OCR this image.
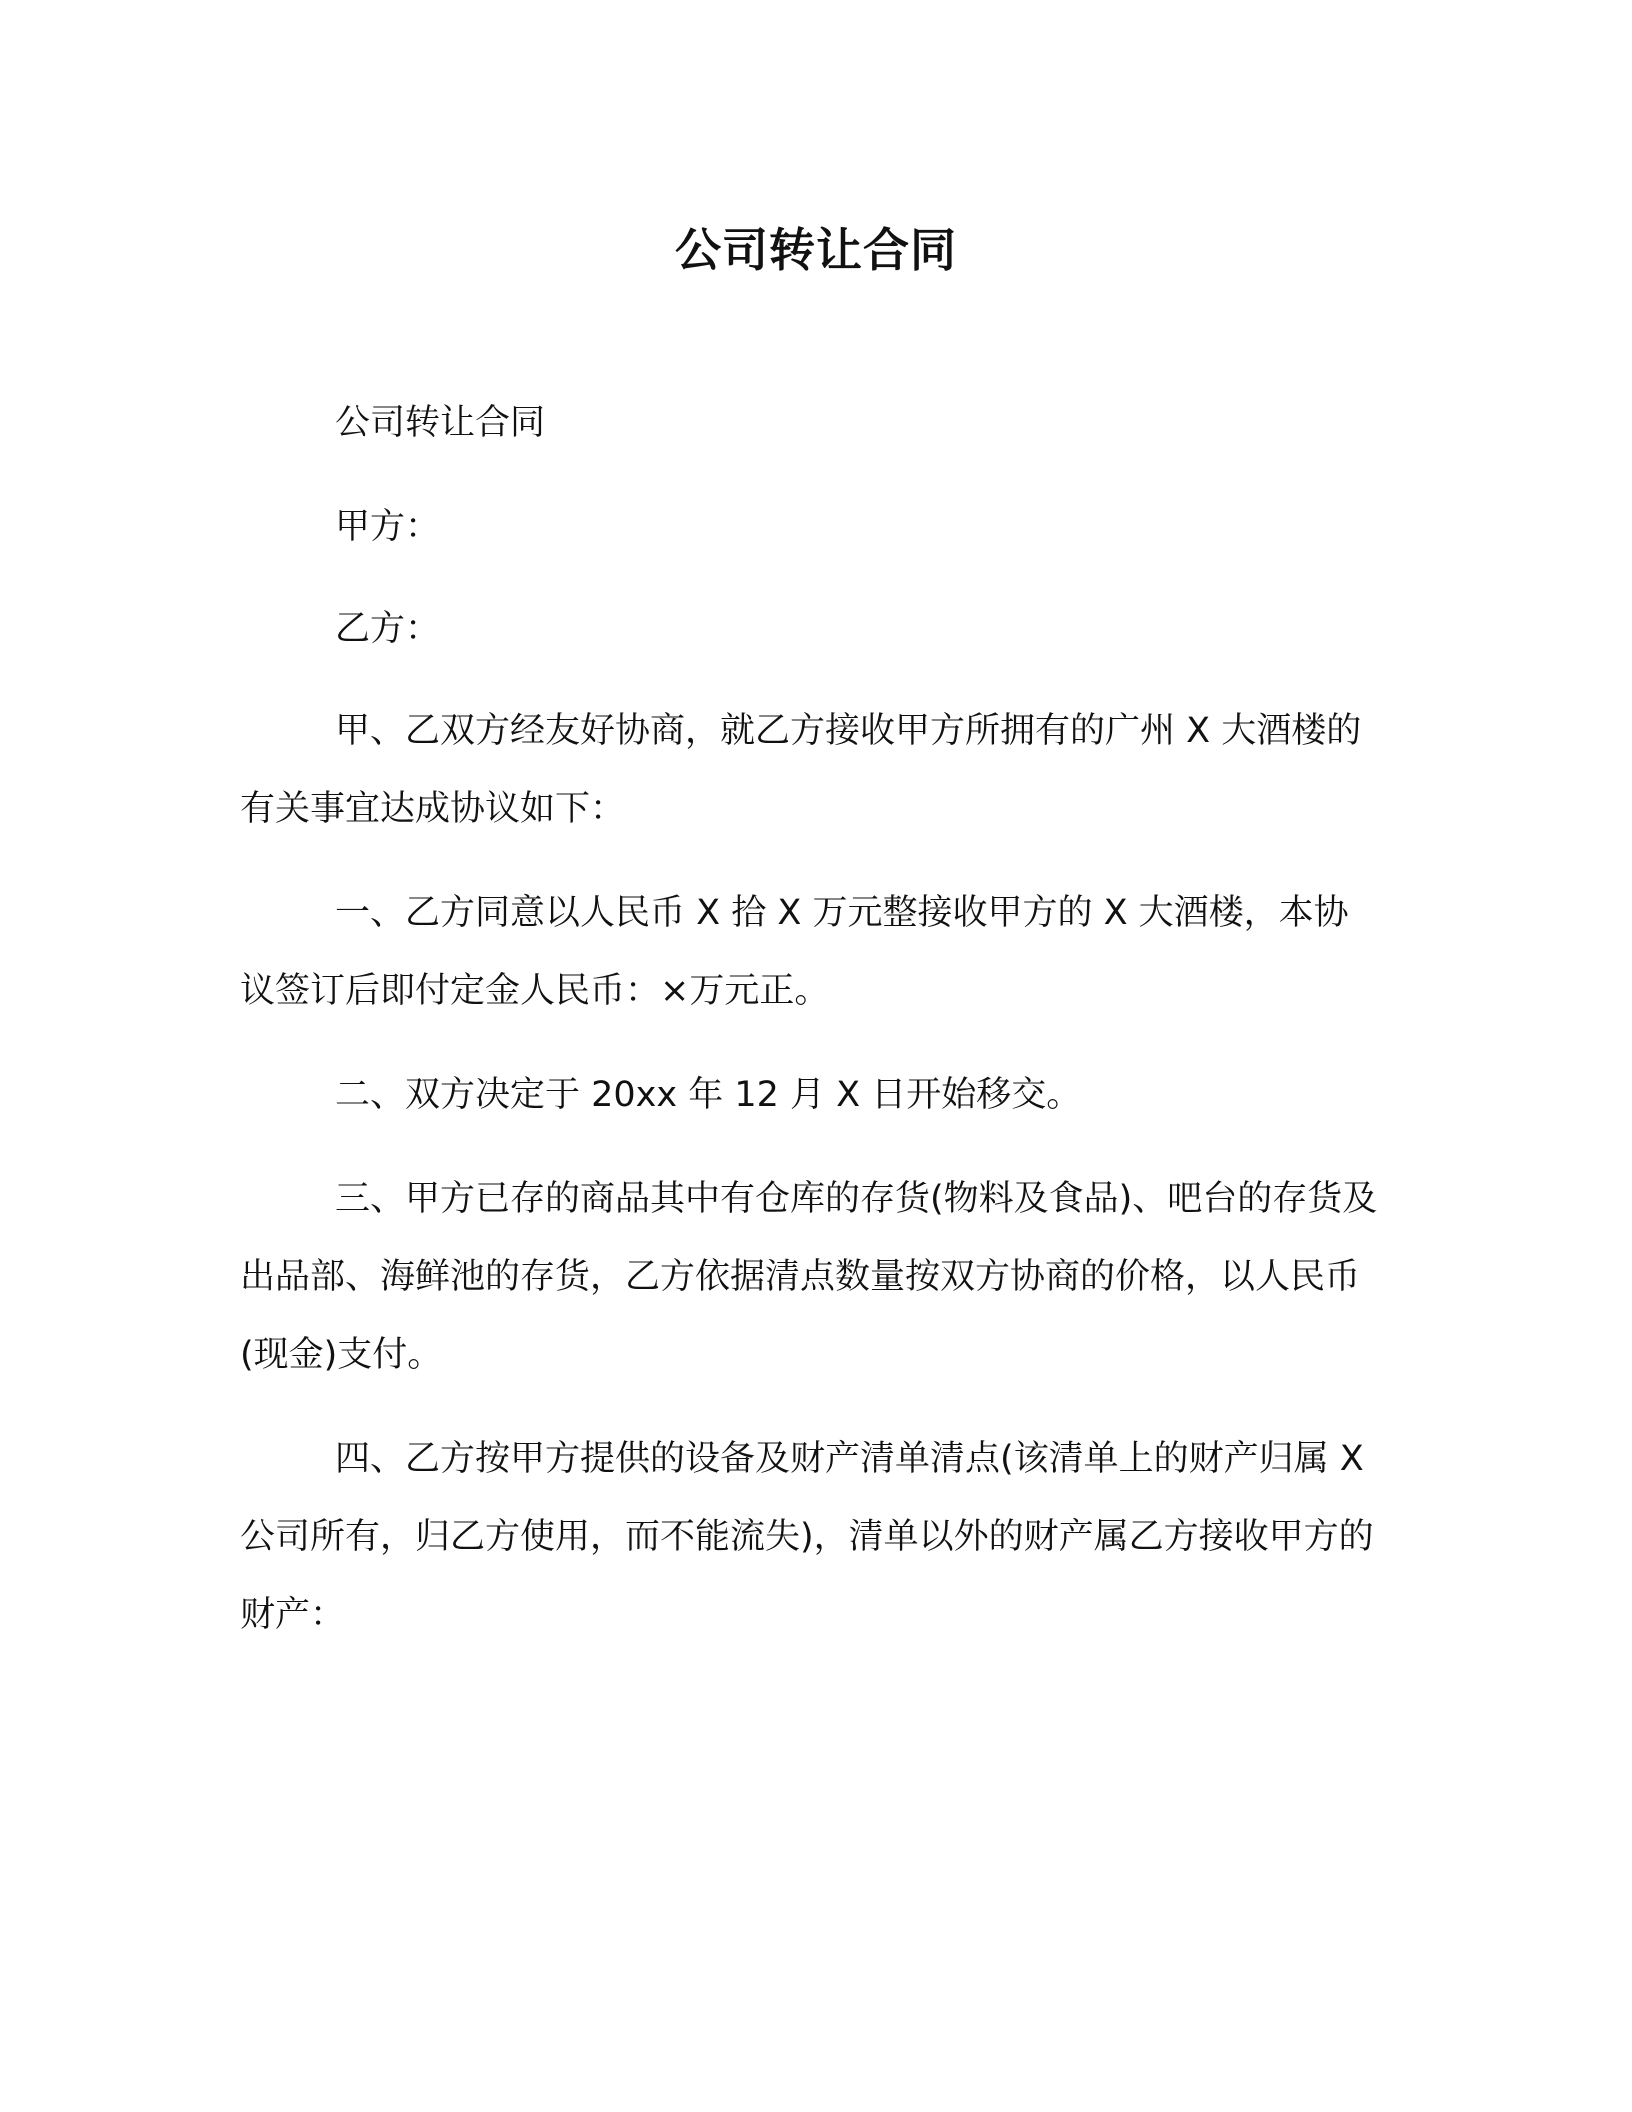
公司转让合同

公司转让合同

甲方：

乙方：

甲、乙双方经友好协商，就乙方接收甲方所拥有的广州 X 大酒楼的有关事宜达成协议如下：

一、乙方同意以人民币 X 拾 X 万元整接收甲方的 X 大酒楼，本协议签订后即付定金人民币：×万元正。

二、双方决定于 20xx 年 12 月 X 日开始移交。

三、甲方已存的商品其中有仓库的存货(物料及食品)、吧台的存货及出品部、海鲜池的存货，乙方依据清点数量按双方协商的价格，以人民币(现金)支付。

四、乙方按甲方提供的设备及财产清单清点(该清单上的财产归属 X 公司所有，归乙方使用，而不能流失)，清单以外的财产属乙方接收甲方的财产：
